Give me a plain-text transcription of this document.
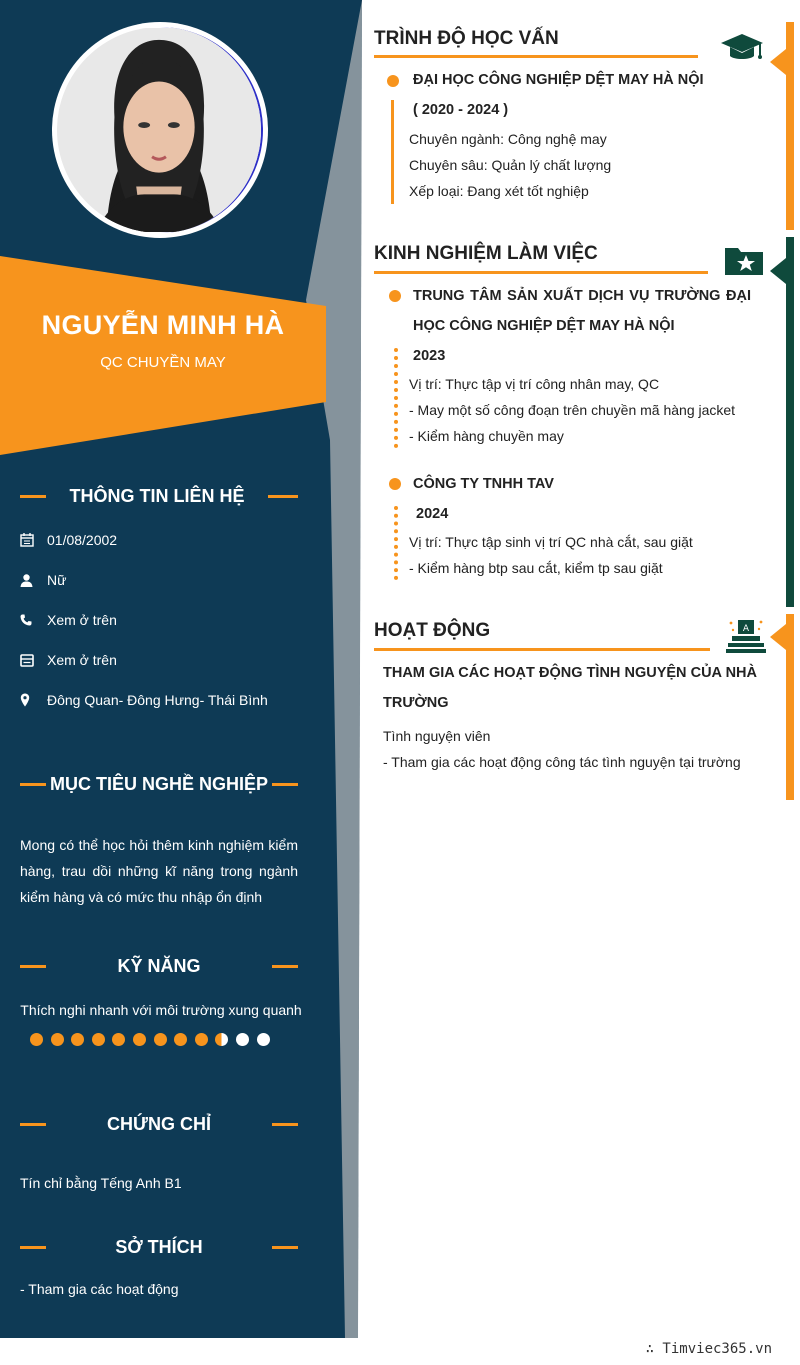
NGUYỄN MINH HÀ
QC CHUYỀN MAY
THÔNG TIN LIÊN HỆ
01/08/2002
Nữ
Xem ở trên
Xem ở trên
Đông Quan- Đông Hưng- Thái Bình
MỤC TIÊU NGHỀ NGHIỆP
Mong có thể học hỏi thêm kinh nghiệm kiểm hàng, trau dồi những kĩ năng trong ngành kiểm hàng và có mức thu nhập ổn định
KỸ NĂNG
Thích nghi nhanh với môi trường xung quanh
CHỨNG CHỈ
Tín chỉ bằng Tếng Anh B1
SỞ THÍCH
- Tham gia các hoạt động
TRÌNH ĐỘ HỌC VẤN
ĐẠI HỌC CÔNG NGHIỆP DỆT MAY HÀ NỘI
( 2020 - 2024 )
Chuyên ngành: Công nghệ may
Chuyên sâu: Quản lý chất lượng
Xếp loại: Đang xét tốt nghiệp
KINH NGHIỆM LÀM VIỆC
TRUNG TÂM SẢN XUẤT DỊCH VỤ TRƯỜNG ĐẠI HỌC CÔNG NGHIỆP DỆT MAY HÀ NỘI
2023
Vị trí: Thực tập vị trí công nhân may, QC
- May một số công đoạn trên chuyền mã hàng jacket
- Kiểm hàng chuyền may
CÔNG TY TNHH TAV
2024
Vị trí: Thực tập sinh vị trí QC nhà cắt, sau giặt
- Kiểm hàng btp sau cắt, kiểm tp sau giặt
HOẠT ĐỘNG	A
THAM GIA CÁC HOẠT ĐỘNG TÌNH NGUYỆN CỦA NHÀ TRƯỜNG
Tình nguyện viên
- Tham gia các hoạt động công tác tình nguyện tại trường
∴ Timviec365.vn
